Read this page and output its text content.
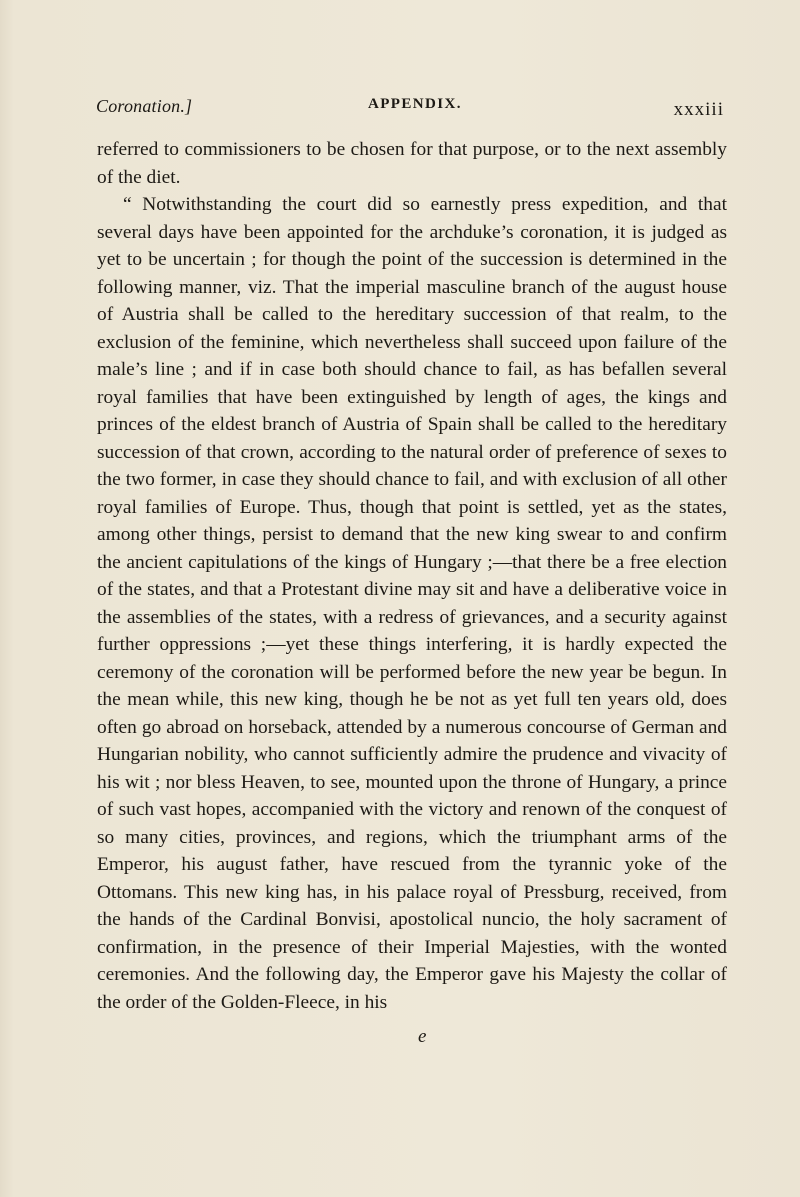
Coronation.]	APPENDIX.	xxxiii

referred to commissioners to be chosen for that purpose, or to the next assembly of the diet.

“ Notwithstanding the court did so earnestly press expedition, and that several days have been appointed for the archduke’s coronation, it is judged as yet to be uncertain ; for though the point of the succession is determined in the following manner, viz. That the imperial masculine branch of the august house of Austria shall be called to the hereditary succession of that realm, to the exclusion of the feminine, which nevertheless shall succeed upon failure of the male’s line ; and if in case both should chance to fail, as has befallen several royal families that have been extinguished by length of ages, the kings and princes of the eldest branch of Austria of Spain shall be called to the hereditary succession of that crown, according to the natural order of preference of sexes to the two former, in case they should chance to fail, and with exclusion of all other royal families of Europe. Thus, though that point is settled, yet as the states, among other things, persist to demand that the new king swear to and confirm the ancient capitulations of the kings of Hungary ;—that there be a free election of the states, and that a Protestant divine may sit and have a deliberative voice in the assemblies of the states, with a redress of grievances, and a security against further oppressions ;—yet these things interfering, it is hardly expected the ceremony of the coronation will be performed before the new year be begun. In the mean while, this new king, though he be not as yet full ten years old, does often go abroad on horseback, attended by a numerous concourse of German and Hungarian nobility, who cannot sufficiently admire the prudence and vivacity of his wit ; nor bless Heaven, to see, mounted upon the throne of Hungary, a prince of such vast hopes, accompanied with the victory and renown of the conquest of so many cities, provinces, and regions, which the triumphant arms of the Emperor, his august father, have rescued from the tyrannic yoke of the Ottomans. This new king has, in his palace royal of Pressburg, received, from the hands of the Cardinal Bonvisi, apostolical nuncio, the holy sacrament of confirmation, in the presence of their Imperial Majesties, with the wonted ceremonies. And the following day, the Emperor gave his Majesty the collar of the order of the Golden-Fleece, in his

e
